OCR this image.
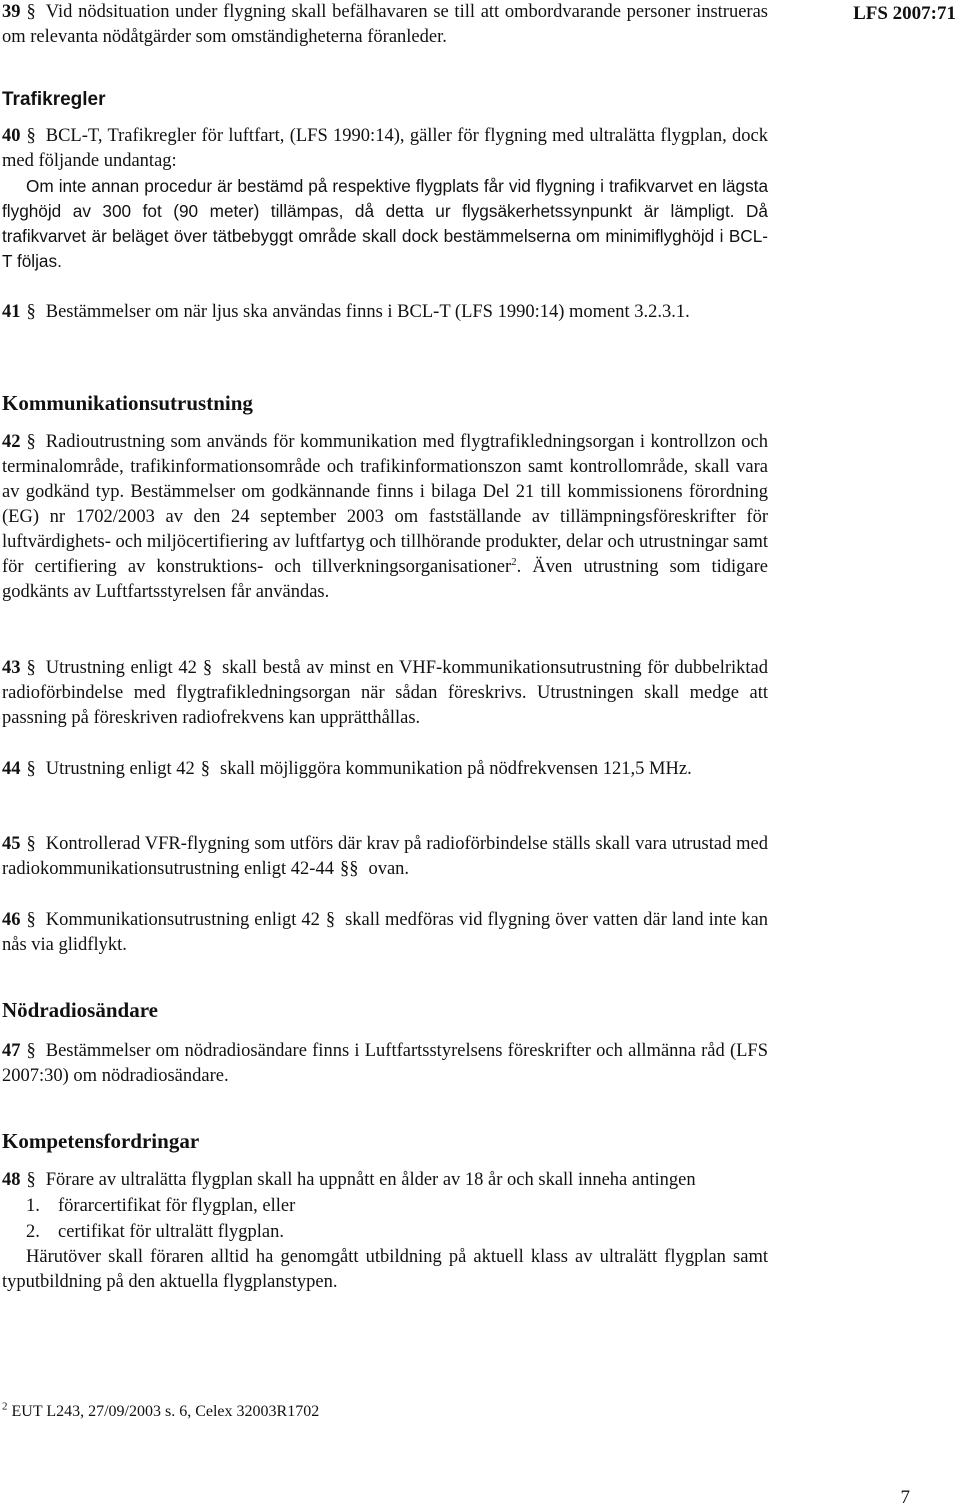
LFS 2007:71

39 § Vid nödsituation under flygning skall befälhavaren se till att ombordvarande personer instrueras om relevanta nödåtgärder som omständigheterna föranleder.

Trafikregler

40 § BCL-T, Trafikregler för luftfart, (LFS 1990:14), gäller för flygning med ultralätta flygplan, dock med följande undantag:

Om inte annan procedur är bestämd på respektive flygplats får vid flygning i trafikvarvet en lägsta flyghöjd av 300 fot (90 meter) tillämpas, då detta ur flygsäkerhetssynpunkt är lämpligt. Då trafikvarvet är beläget över tätbebyggt område skall dock bestämmelserna om minimiflyghöjd i BCL-T följas.

41 § Bestämmelser om när ljus ska användas finns i BCL-T (LFS 1990:14) moment 3.2.3.1.

Kommunikationsutrustning

42 § Radioutrustning som används för kommunikation med flygtrafikledningsorgan i kontrollzon och terminalområde, trafikinformationsområde och trafikinformationszon samt kontrollområde, skall vara av godkänd typ. Bestämmelser om godkännande finns i bilaga Del 21 till kommissionens förordning (EG) nr 1702/2003 av den 24 september 2003 om fastställande av tillämpningsföreskrifter för luftvärdighets- och miljöcertifiering av luftfartyg och tillhörande produkter, delar och utrustningar samt för certifiering av konstruktions- och tillverkningsorganisationer$^2$. Även utrustning som tidigare godkänts av Luftfartsstyrelsen får användas.

43 § Utrustning enligt 42 § skall bestå av minst en VHF-kommunikationsutrustning för dubbelriktad radioförbindelse med flygtrafikledningsorgan när sådan föreskrivs. Utrustningen skall medge att passning på föreskriven radiofrekvens kan upprätthållas.

44 § Utrustning enligt 42 § skall möjliggöra kommunikation på nödfrekvensen 121,5 MHz.

45 § Kontrollerad VFR-flygning som utförs där krav på radioförbindelse ställs skall vara utrustad med radiokommunikationsutrustning enligt 42-44 §§ ovan.

46 § Kommunikationsutrustning enligt 42 § skall medföras vid flygning över vatten där land inte kan nås via glidflykt.

Nödradiosändare

47 § Bestämmelser om nödradiosändare finns i Luftfartsstyrelsens föreskrifter och allmänna råd (LFS 2007:30) om nödradiosändare.

Kompetensfordringar

48 § Förare av ultralätta flygplan skall ha uppnått en ålder av 18 år och skall inneha antingen

1. förarcertifikat för flygplan, eller
2. certifikat för ultralätt flygplan.

Härutöver skall föraren alltid ha genomgått utbildning på aktuell klass av ultralätt flygplan samt typutbildning på den aktuella flygplanstypen.

$^2$ EUT L243, 27/09/2003 s. 6, Celex 32003R1702
7
